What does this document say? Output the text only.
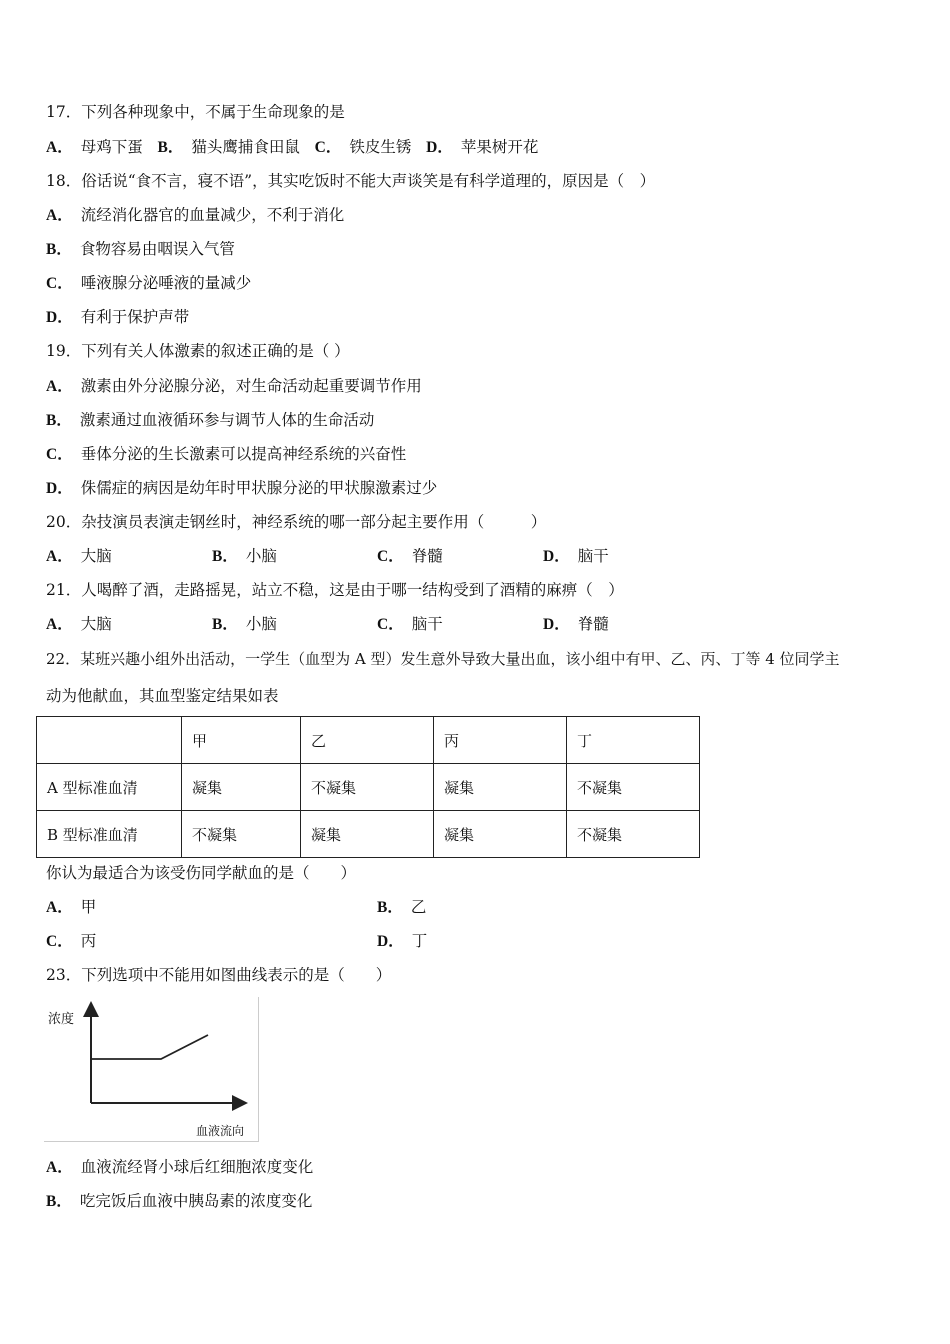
17．下列各种现象中，不属于生命现象的是
A． 母鸡下蛋 B． 猫头鹰捕食田鼠 C． 铁皮生锈 D． 苹果树开花
18．俗话说“食不言，寝不语”，其实吃饭时不能大声谈笑是有科学道理的，原因是（　）
A． 流经消化器官的血量减少，不利于消化
B． 食物容易由咽误入气管
C． 唾液腺分泌唾液的量减少
D． 有利于保护声带
19．下列有关人体激素的叙述正确的是（ ）
A． 激素由外分泌腺分泌，对生命活动起重要调节作用
B． 激素通过血液循环参与调节人体的生命活动
C． 垂体分泌的生长激素可以提高神经系统的兴奋性
D． 侏儒症的病因是幼年时甲状腺分泌的甲状腺激素过少
20．杂技演员表演走钢丝时，神经系统的哪一部分起主要作用（　　　）
A． 大脑	B． 小脑	C． 脊髓	D． 脑干
21．人喝醉了酒，走路摇晃，站立不稳，这是由于哪一结构受到了酒精的麻痹（　）
A． 大脑	B． 小脑	C． 脑干	D． 脊髓
22．某班兴趣小组外出活动，一学生（血型为 A 型）发生意外导致大量出血，该小组中有甲、乙、丙、丁等 4 位同学主
动为他献血，其血型鉴定结果如表
	甲	乙	丙	丁
A 型标准血清	凝集	不凝集	凝集	不凝集
B 型标准血清	不凝集	凝集	凝集	不凝集
你认为最适合为该受伤同学献血的是（　　）
A． 甲	B． 乙
C． 丙	D． 丁
23．下列选项中不能用如图曲线表示的是（　　）
浓度
血液流向
A． 血液流经肾小球后红细胞浓度变化
B． 吃完饭后血液中胰岛素的浓度变化
